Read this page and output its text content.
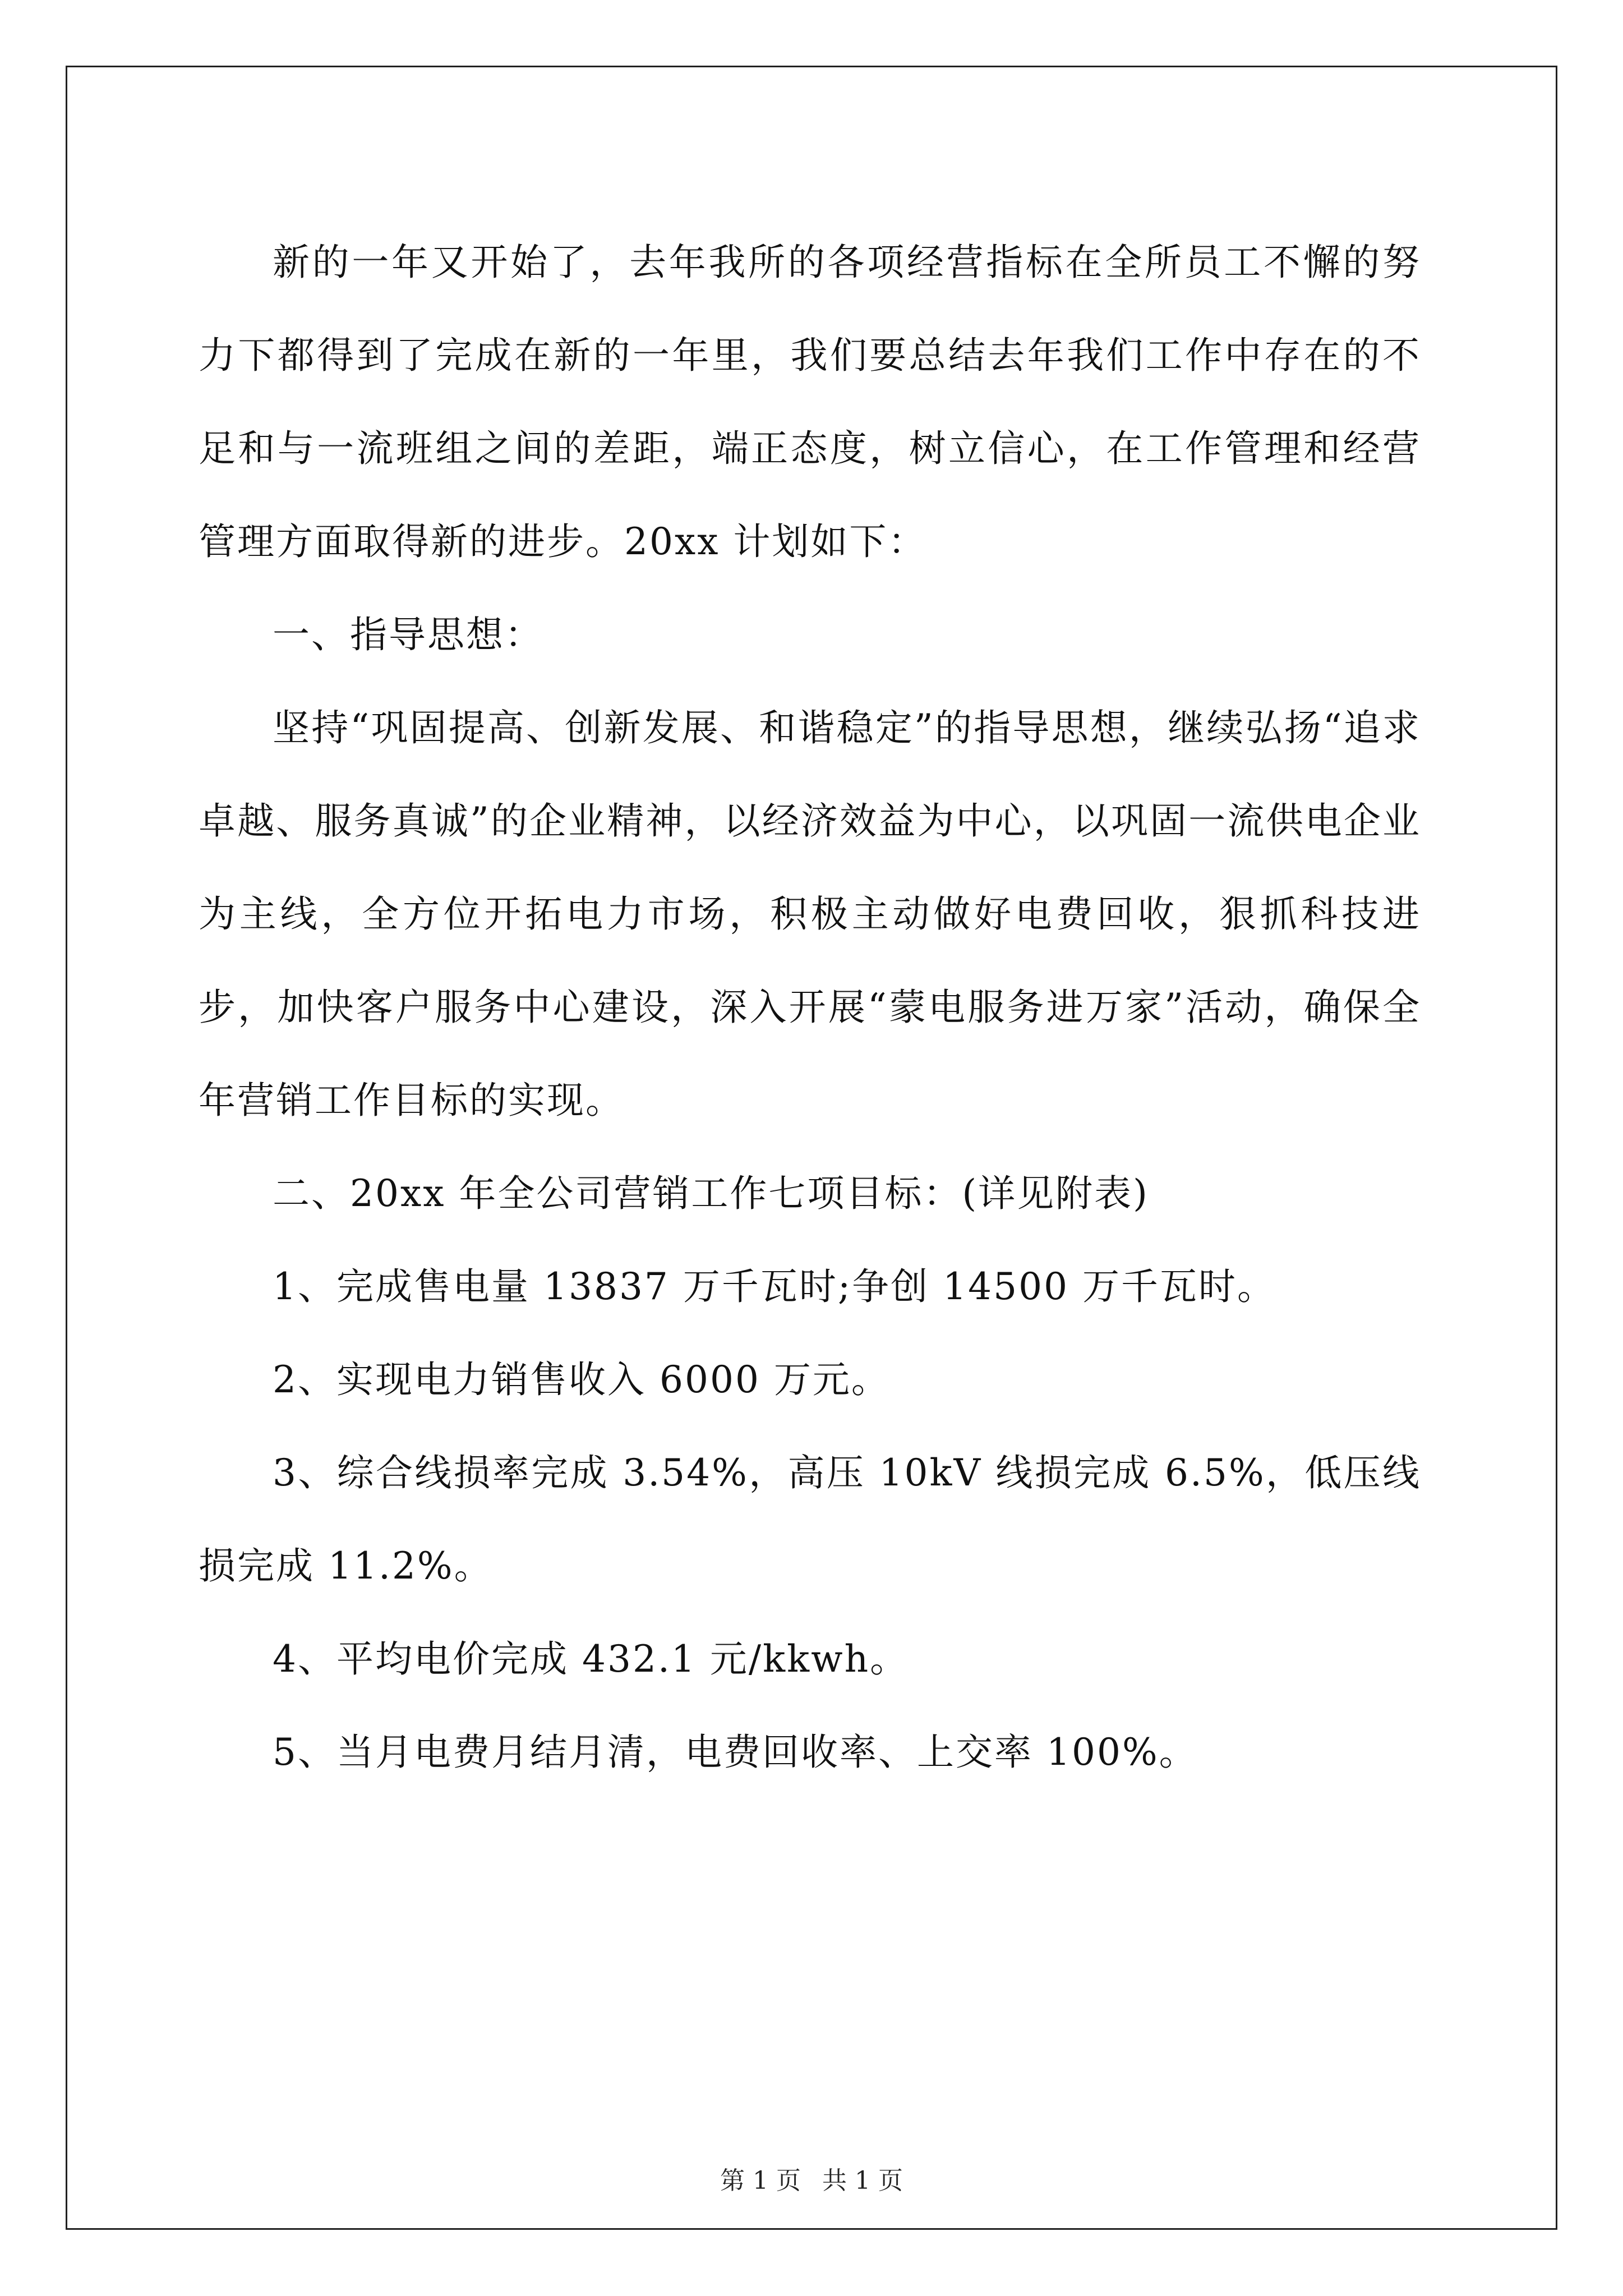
新的一年又开始了，去年我所的各项经营指标在全所员工不懈的努力下都得到了完成在新的一年里，我们要总结去年我们工作中存在的不足和与一流班组之间的差距，端正态度，树立信心，在工作管理和经营管理方面取得新的进步。20xx 计划如下：

一、指导思想：

坚持“巩固提高、创新发展、和谐稳定”的指导思想，继续弘扬“追求卓越、服务真诚”的企业精神，以经济效益为中心，以巩固一流供电企业为主线，全方位开拓电力市场，积极主动做好电费回收，狠抓科技进步，加快客户服务中心建设，深入开展“蒙电服务进万家”活动，确保全年营销工作目标的实现。

二、20xx 年全公司营销工作七项目标：(详见附表)

1、完成售电量 13837 万千瓦时;争创 14500 万千瓦时。

2、实现电力销售收入 6000 万元。

3、综合线损率完成 3.54%，高压 10kV 线损完成 6.5%，低压线损完成 11.2%。

4、平均电价完成 432.1 元/kkwh。

5、当月电费月结月清，电费回收率、上交率 100%。

第 1 页 共 1 页
